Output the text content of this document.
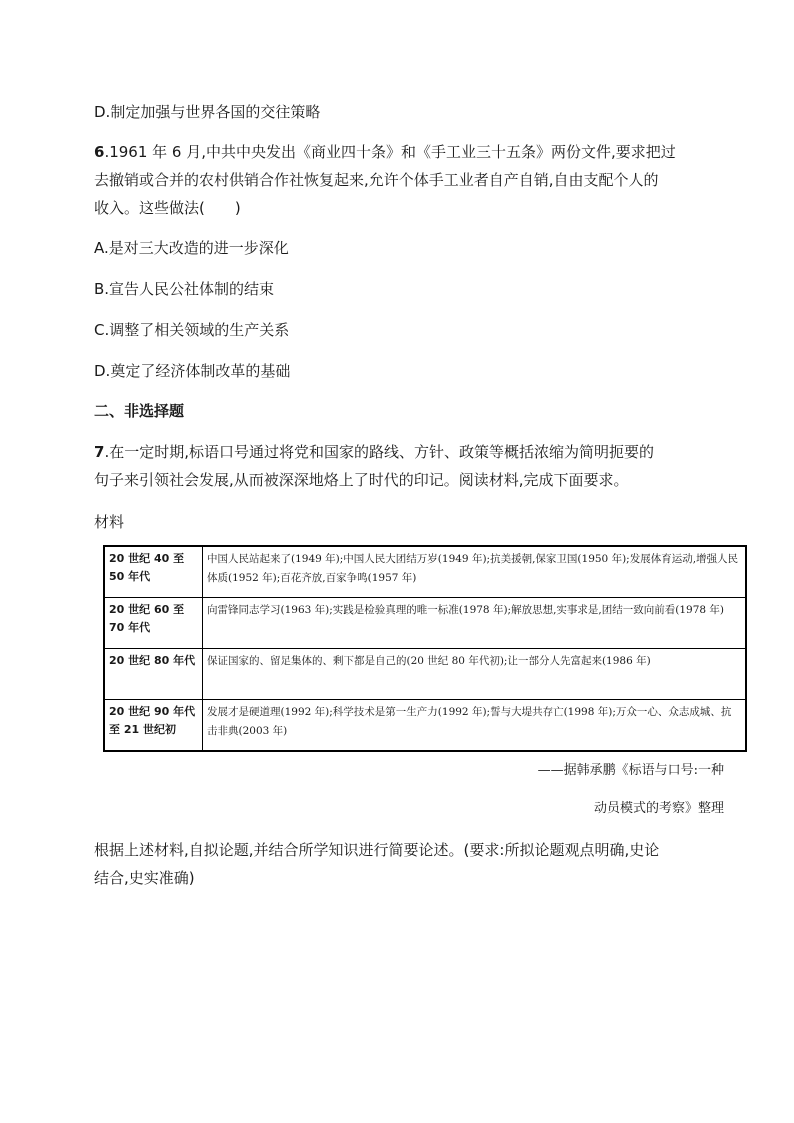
D.制定加强与世界各国的交往策略
6.1961 年 6 月,中共中央发出《商业四十条》和《手工业三十五条》两份文件,要求把过
去撤销或合并的农村供销合作社恢复起来,允许个体手工业者自产自销,自由支配个人的
收入。这些做法(　　)
A.是对三大改造的进一步深化
B.宣告人民公社体制的结束
C.调整了相关领域的生产关系
D.奠定了经济体制改革的基础
二、非选择题
7.在一定时期,标语口号通过将党和国家的路线、方针、政策等概括浓缩为简明扼要的
句子来引领社会发展,从而被深深地烙上了时代的印记。阅读材料,完成下面要求。
材料
20 世纪 40 至 50 年代	中国人民站起来了(1949 年);中国人民大团结万岁(1949 年);抗美援朝,保家卫国(1950 年);发展体育运动,增强人民体质(1952 年);百花齐放,百家争鸣(1957 年)
20 世纪 60 至 70 年代	向雷锋同志学习(1963 年);实践是检验真理的唯一标准(1978 年);解放思想,实事求是,团结一致向前看(1978 年)
20 世纪 80 年代	保证国家的、留足集体的、剩下都是自己的(20 世纪 80 年代初);让一部分人先富起来(1986 年)
20 世纪 90 年代至 21 世纪初	发展才是硬道理(1992 年);科学技术是第一生产力(1992 年);誓与大堤共存亡(1998 年);万众一心、众志成城、抗击非典(2003 年)
——据韩承鹏《标语与口号:一种
动员模式的考察》整理
根据上述材料,自拟论题,并结合所学知识进行简要论述。(要求:所拟论题观点明确,史论
结合,史实准确)
